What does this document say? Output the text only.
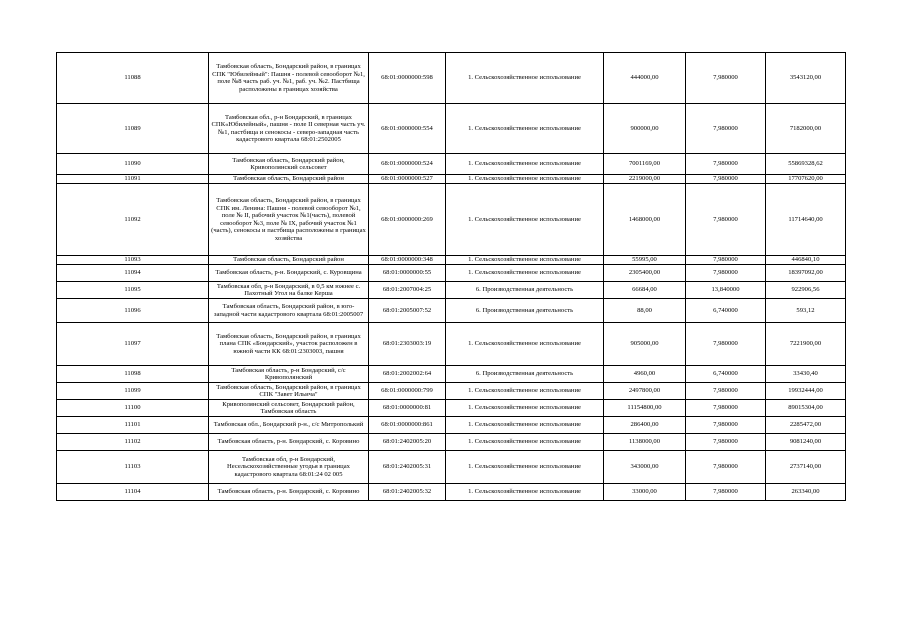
11088	Тамбовская область, Бондарский район, в границах СПК "Юбилейный": Пашня - полевой севооборот №1, поле №8 часть раб. уч. №1, раб. уч. №2. Пастбища расположены в границах хозяйства	68:01:0000000:598	1. Сельскохозяйственное использование	444000,00	7,980000	3543120,00
11089	Тамбовская обл., р-н Бондарский, в границах СПК«Юбилейный», пашня - поле II северная часть уч. №1, пастбища и сенокосы - северо-западная часть кадастрового квартала 68:01:2502005	68:01:0000000:554	1. Сельскохозяйственное использование	900000,00	7,980000	7182000,00
11090	Тамбовская область, Бондарский район, Кривополянский сельсовет	68:01:0000000:524	1. Сельскохозяйственное использование	7001169,00	7,980000	55869328,62
11091	Тамбовская область, Бондарский район	68:01:0000000:527	1. Сельскохозяйственное использование	2219000,00	7,980000	17707620,00
11092	Тамбовская область, Бондарский район, в границах СПК им. Ленина: Пашня - полевой севооборот №1, поле № II, рабочий участок №1(часть), полевой севооборот №3, поле № IX, рабочий участок №1 (часть), сенокосы и пастбища расположены в границах хозяйства	68:01:0000000:269	1. Сельскохозяйственное использование	1468000,00	7,980000	11714640,00
11093	Тамбовская область, Бондарский район	68:01:0000000:348	1. Сельскохозяйственное использование	55995,00	7,980000	446840,10
11094	Тамбовская область, р-н. Бондарский, с. Куровщина	68:01:0000000:55	1. Сельскохозяйственное использование	2305400,00	7,980000	18397092,00
11095	Тамбовская обл, р-н Бондарский, в 0,5 км южнее с. Пахотный Угол на балке Керша	68:01:2007004:25	6. Производственная деятельность	66684,00	13,840000	922906,56
11096	Тамбовская область, Бондарский район, в юго-западной части кадастрового квартала 68:01:2005007	68:01:2005007:52	6. Производственная деятельность	88,00	6,740000	593,12
11097	Тамбовская область, Бондарский район, в границах плана СПК «Бондарский», участок расположен в южной части КК 68:01:2303003, пашня	68:01:2303003:19	1. Сельскохозяйственное использование	905000,00	7,980000	7221900,00
11098	Тамбовская область, р-н Бондарский, с/с Кривополянский	68:01:2002002:64	6. Производственная деятельность	4960,00	6,740000	33430,40
11099	Тамбовская область, Бондарский район, в границах СПК "Завет Ильича"	68:01:0000000:799	1. Сельскохозяйственное использование	2497800,00	7,980000	19932444,00
11100	Кривополянский сельсовет, Бондарский район, Тамбовская область	68:01:0000000:81	1. Сельскохозяйственное использование	11154800,00	7,980000	89015304,00
11101	Тамбовская обл., Бондарский р-н., с/с Митрополький	68:01:0000000:861	1. Сельскохозяйственное использование	286400,00	7,980000	2285472,00
11102	Тамбовская область, р-н. Бондарский, с. Коровино	68:01:2402005:20	1. Сельскохозяйственное использование	1138000,00	7,980000	9081240,00
11103	Тамбовская обл, р-н Бондарский, Несельскохозяйственные угодья в границах кадастрового квартала 68:01:24 02 005	68:01:2402005:31	1. Сельскохозяйственное использование	343000,00	7,980000	2737140,00
11104	Тамбовская область, р-н. Бондарский, с. Коровино	68:01:2402005:32	1. Сельскохозяйственное использование	33000,00	7,980000	263340,00
